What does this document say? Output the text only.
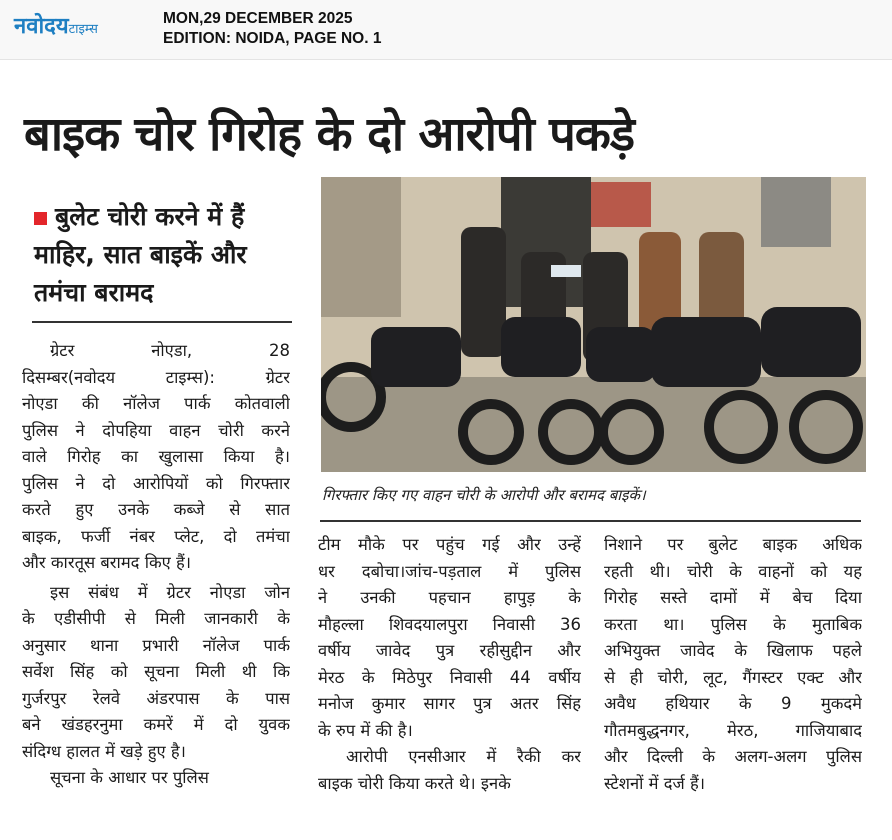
नवोदयटाइम्स
MON,29 DECEMBER 2025
EDITION: NOIDA, PAGE NO. 1
बाइक चोर गिरोह के दो आरोपी पकड़े
बुलेट चोरी करने में हैं माहिर, सात बाइकें और तमंचा बरामद
गिरफ्तार किए गए वाहन चोरी के आरोपी और बरामद बाइकें।
ग्रेटर नोएडा, 28
दिसम्बर(नवोदय टाइम्स): ग्रेटर
नोएडा की नॉलेज पार्क कोतवाली
पुलिस ने दोपहिया वाहन चोरी करने
वाले गिरोह का खुलासा किया है।
पुलिस ने दो आरोपियों को गिरफ्तार
करते हुए उनके कब्जे से सात
बाइक, फर्जी नंबर प्लेट, दो तमंचा
और कारतूस बरामद किए हैं।
इस संबंध में ग्रेटर नोएडा जोन
के एडीसीपी से मिली जानकारी के
अनुसार थाना प्रभारी नॉलेज पार्क
सर्वेश सिंह को सूचना मिली थी कि
गुर्जरपुर रेलवे अंडरपास के पास
बने खंडहरनुमा कमरें में दो युवक
संदिग्ध हालत में खड़े हुए है।
सूचना के आधार पर पुलिस
टीम मौके पर पहुंच गई और उन्हें
धर दबोचा।जांच-पड़ताल में पुलिस
ने उनकी पहचान हापुड़ के
मौहल्ला शिवदयालपुरा निवासी 36
वर्षीय जावेद पुत्र रहीसुद्दीन और
मेरठ के मिठेपुर निवासी 44 वर्षीय
मनोज कुमार सागर पुत्र अतर सिंह
के रुप में की है।
आरोपी एनसीआर में रैकी कर
बाइक चोरी किया करते थे। इनके
निशाने पर बुलेट बाइक अधिक
रहती थी। चोरी के वाहनों को यह
गिरोह सस्ते दामों में बेच दिया
करता था। पुलिस के मुताबिक
अभियुक्त जावेद के खिलाफ पहले
से ही चोरी, लूट, गैंगस्टर एक्ट और
अवैध हथियार के 9 मुकदमे
गौतमबुद्धनगर, मेरठ, गाजियाबाद
और दिल्ली के अलग-अलग पुलिस
स्टेशनों में दर्ज हैं।
